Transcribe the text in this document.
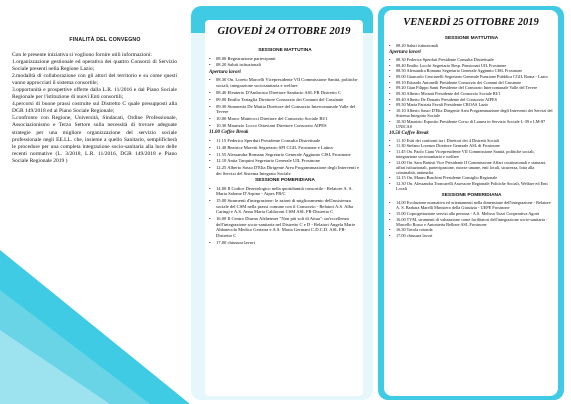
FINALITÀ DEL CONVEGNO

Con le presente iniziativa si vogliono fornire utili informazioni:

1.organizzazione gestionale ed operativa dei quattro Consorzi di Servizio Sociale presenti nella Regione Lazio;

2.modalità di collaborazione con gli attori del territorio e su come questi vanno approcciati il sistema consortile;

3.opportunità e prospettive offerte dalla L.R. 11/2016 e dal Piano Sociale Regionale per l'istituzione di nuovi Enti consortili;

4.percorsi di buone prassi costruite sul Distretto C quale presupposti alla DGR 149/2018 ed al Piano Sociale Regionale;

5.confronto con Regione, Università, Sindacati, Ordine Professionale, Associazionismo e Terzo Settore sulla necessità di trovare adeguate strategie per una migliore organizzazione del servizio sociale professionale negli EE.LL. che, insieme a quello Sanitario, semplificherà le procedure per una completa integrazione socio-sanitaria alla luce delle recenti normative (L. 3/2018, L.R. 11/2016, DGR 149/2018 e Piano Sociale Regionale 2019 )

GIOVEDÌ 24 OTTOBRE 2019
SESSIONE MATTUTINA
•	08.00 Registrazione partecipanti
•	08.20 Saluti istituzionali
Apertura lavori
•	08.30 On. Loreto Marcelli Vicepresidente VII Commissione Sanità, politiche sociali, integrazione sociosanitaria e welfare
•	08.40 Eleuterio D'Ambrosio Direttore Sanitario ASL FR Distretto C
•	09.00 Emilio Tartaglia Direttore Consorzio dei Comuni del Cassinate
•	09.30 Simonetta De Mattia Direttore del Consorzio Intercomunale Valle del Tevere
•	10.00 Marco Matteocci Direttore del Consorzio Sociale RI/1
•	10.30 Maurizio Locco Ottaviani Direttore Consorzio AIPES
11.00 Coffee Break
•	11.15 Federica Sperduti Presidente Consulta Distrettuale
•	11.40 Beatrice Moretti Segretario SPI CGIL Frosinone e Latina
•	11.55 Alessandra Romano Segretario Generale Aggiunto CISL Frosinone
•	12.10 Anita Tarquini Segretario Generale UIL Frosinone
•	12.25 Alberto Sasso D'Elia Dirigente Area Programmazione degli Interventi e dei Servizi del Sistema Integrato Sociale
SESSIONE POMERIDIANA
•	14.00 Il Codice Deontologico nella quotidianità consortile - Relatore A. S. Maria Salome D'Arpino - Aipes FR/C
•	15.00 Strumenti d'integrazione: le azioni di miglioramento dell'assistenza sociale del CSM nella prassi comune con il Consorzio - Relatori A.S. Alba Caringi e A.S. Anna Maria Cahloroni CSM ASL FR-Distretto C
•	16.00 Il Centro Diurno Alzheimer "Non più soli di Attua": un'eccellenza dell'integrazione socio-sanitaria nel Distretto C e D - Relatori Angela Marie Abbatecola Medico Geriatra e A.S. Maria Germani C.D.C.D. ASL FR-Distretto C
•	17,00 chiusura lavori
VENERDÌ 25 OTTOBRE 2019
SESSIONE MATTUTINA
•	08.20 Saluti istituzionali
Apertura lavori
•	08.30 Federica Sperduti Presidente Consulta Distrettuale
•	08.40 Emilio Locchi Segretario Resp. Pensionati UIL Frosinone
•	08.50 Alessandra Romano Segretario Generale Aggiunto CISL Frosinone
•	09.00 Giancarlo Cenciarelli Segretario Generale Funzione Pubblica CGIL Roma - Lazio
•	09.10 Edoardo Antonelli Presidente Consorzio dei Comuni del Cassinate
•	09.20 Gian Filippo Santi Presidente del Consorzio Intercomunale Valle del Tevere
•	09.30 Alberto Micanti Presidente del Consorzio Sociale RI/1
•	09.40 Alberto De Donatis Presidente del Consorzio AIPES
•	09.50 Maria Patrizia Favali Presidente CROAS Lazio
•	10.10 Alberto Sasso D'Elia Dirigente Area Programmazione degli Interventi dei Servizi del Sistema Integrato Sociale
•	10.30 Maurizio Esposito Presidente Corso di Laurea in Servizio Sociale L-39 e LM-87 UNICAS
10.50 Coffee Break
•	11.10 Esiti dei confronti tra i Direttori dei 4 Distretti Sociali
•	11.30 Stefano Lorenzo Direttore Generale ASL di Frosinone
•	11.45 On. Paolo Ciani Vicepresidente VII Commissione Sanità, politiche sociali, integrazione sociosanitaria e welfare
•	12.00 On. Sara Battisti Vice Presidente II Commissione Affari costituzionali e statutari, affari istituzionali, partecipazione, risorse umane, enti locali, sicurezza, lotta alla criminalità, antimafia
•	12.15 On. Mauro Buschini Presidente Consiglio Regionale
•	12.30 On. Alessandra Troncarelli Assessore Regionale Politiche Sociali, Welfare ed Enti Locali
SESSIONE POMERIDIANA
•	14.00 Evoluzione normativa ed orientamenti nella dimensione dell'integrazione - Relatore A. S. Barbara Marelli Ministero della Giustizia - UEPE Frosinone
•	15.00 Coprogettazione servizi alla persona - A.S. Melissa Tozzi Cooperativa Agorà
•	16.00 TVM, strumenti di valutazione come facilitatori dell'integrazione socio-sanitaria - Marcello Rosso e Antonietta Bellone ASL Frosinone
•	16.30 Tavola rotonda
•	17.00 chiusura lavori
